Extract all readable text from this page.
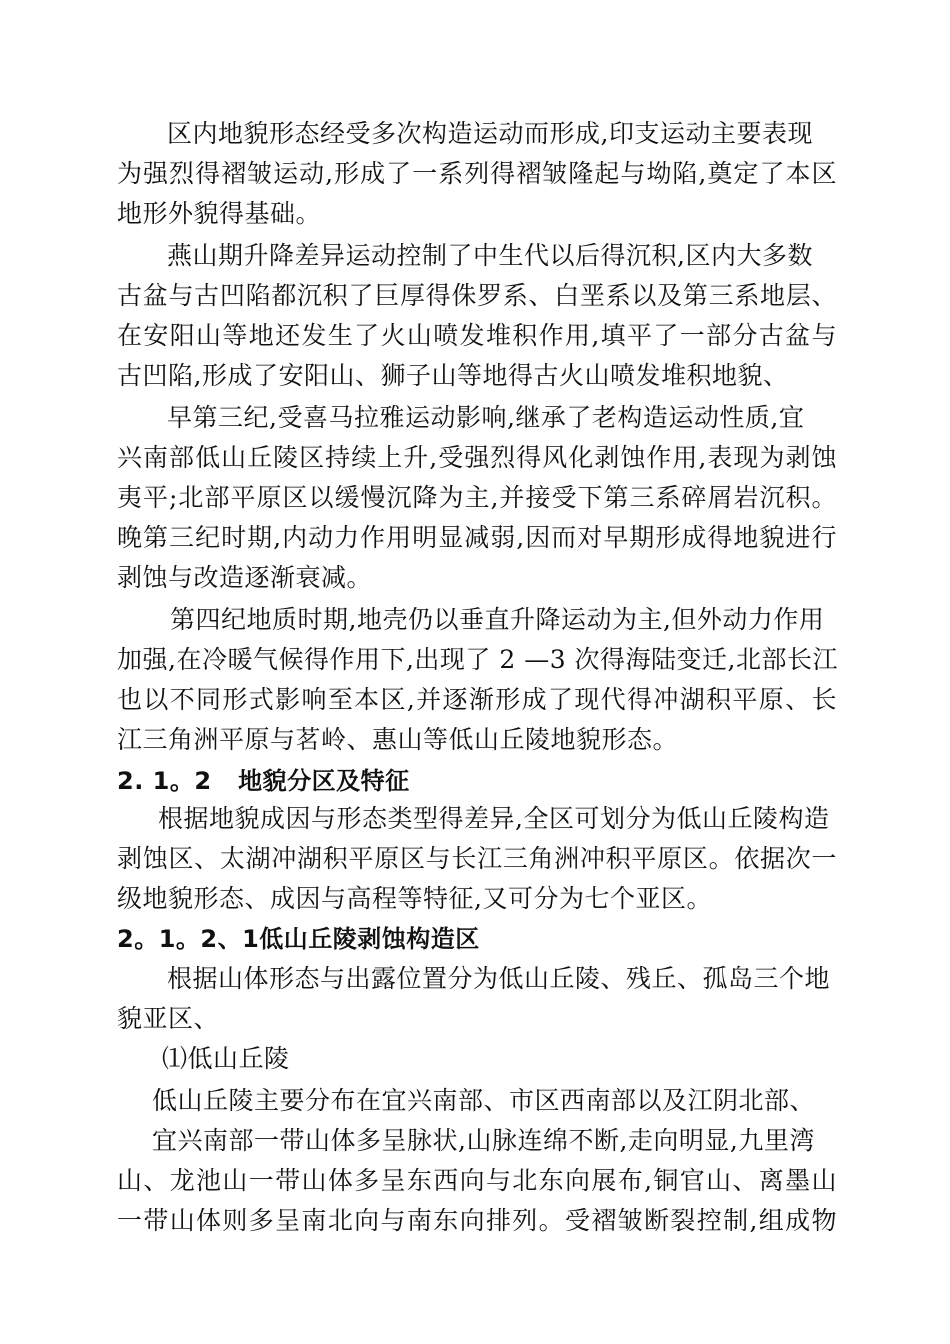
区内地貌形态经受多次构造运动而形成,印支运动主要表现
为强烈得褶皱运动,形成了一系列得褶皱隆起与坳陷,奠定了本区
地形外貌得基础。
燕山期升降差异运动控制了中生代以后得沉积,区内大多数
古盆与古凹陷都沉积了巨厚得侏罗系、白垩系以及第三系地层、
在安阳山等地还发生了火山喷发堆积作用,填平了一部分古盆与
古凹陷,形成了安阳山、狮子山等地得古火山喷发堆积地貌、
早第三纪,受喜马拉雅运动影响,继承了老构造运动性质,宜
兴南部低山丘陵区持续上升,受强烈得风化剥蚀作用,表现为剥蚀
夷平;北部平原区以缓慢沉降为主,并接受下第三系碎屑岩沉积。
晚第三纪时期,内动力作用明显减弱,因而对早期形成得地貌进行
剥蚀与改造逐渐衰减。
第四纪地质时期,地壳仍以垂直升降运动为主,但外动力作用
加强,在冷暖气候得作用下,出现了 2 —3 次得海陆变迁,北部长江
也以不同形式影响至本区,并逐渐形成了现代得冲湖积平原、长
江三角洲平原与茗岭、惠山等低山丘陵地貌形态。
2. 1。2   地貌分区及特征
根据地貌成因与形态类型得差异,全区可划分为低山丘陵构造
剥蚀区、太湖冲湖积平原区与长江三角洲冲积平原区。依据次一
级地貌形态、成因与高程等特征,又可分为七个亚区。
2。1。2、1低山丘陵剥蚀构造区
根据山体形态与出露位置分为低山丘陵、残丘、孤岛三个地
貌亚区、
⑴低山丘陵
低山丘陵主要分布在宜兴南部、市区西南部以及江阴北部、
宜兴南部一带山体多呈脉状,山脉连绵不断,走向明显,九里湾
山、龙池山一带山体多呈东西向与北东向展布,铜官山、离墨山
一带山体则多呈南北向与南东向排列。受褶皱断裂控制,组成物
